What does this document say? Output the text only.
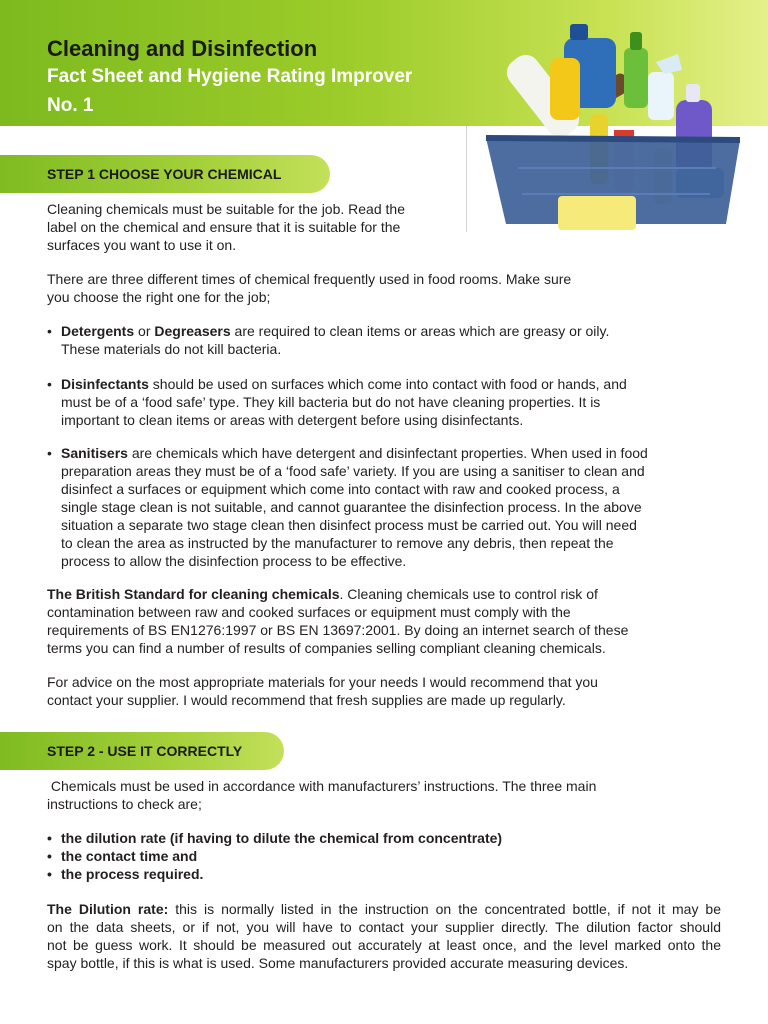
Cleaning and Disinfection
Fact Sheet and Hygiene Rating Improver
No. 1
STEP 1 CHOOSE YOUR CHEMICAL

Cleaning chemicals must be suitable for the job. Read the
label on the chemical and ensure that it is suitable for the
surfaces you want to use it on.

There are three different times of chemical frequently used in food rooms. Make sure
you choose the right one for the job;

• Detergents or Degreasers are required to clean items or areas which are greasy or oily.
These materials do not kill bacteria.
• Disinfectants should be used on surfaces which come into contact with food or hands, and
must be of a ‘food safe’ type. They kill bacteria but do not have cleaning properties. It is
important to clean items or areas with detergent before using disinfectants.
• Sanitisers are chemicals which have detergent and disinfectant properties. When used in food
preparation areas they must be of a ‘food safe’ variety. If you are using a sanitiser to clean and
disinfect a surfaces or equipment which come into contact with raw and cooked process, a
single stage clean is not suitable, and cannot guarantee the disinfection process. In the above
situation a separate two stage clean then disinfect process must be carried out. You will need
to clean the area as instructed by the manufacturer to remove any debris, then repeat the
process to allow the disinfection process to be effective.

The British Standard for cleaning chemicals. Cleaning chemicals use to control risk of
contamination between raw and cooked surfaces or equipment must comply with the
requirements of BS EN1276:1997 or BS EN 13697:2001. By doing an internet search of these
terms you can find a number of results of companies selling compliant cleaning chemicals.

For advice on the most appropriate materials for your needs I would recommend that you
contact your supplier. I would recommend that fresh supplies are made up regularly.

STEP 2 - USE IT CORRECTLY

Chemicals must be used in accordance with manufacturers’ instructions. The three main
instructions to check are;

• the dilution rate (if having to dilute the chemical from concentrate)
• the contact time and
• the process required.
The Dilution rate: this is normally listed in the instruction on the concentrated bottle, if not it may be
on the data sheets, or if not, you will have to contact your supplier directly. The dilution factor should
not be guess work. It should be measured out accurately at least once, and the level marked onto the
spay bottle, if this is what is used. Some manufacturers provided accurate measuring devices.
